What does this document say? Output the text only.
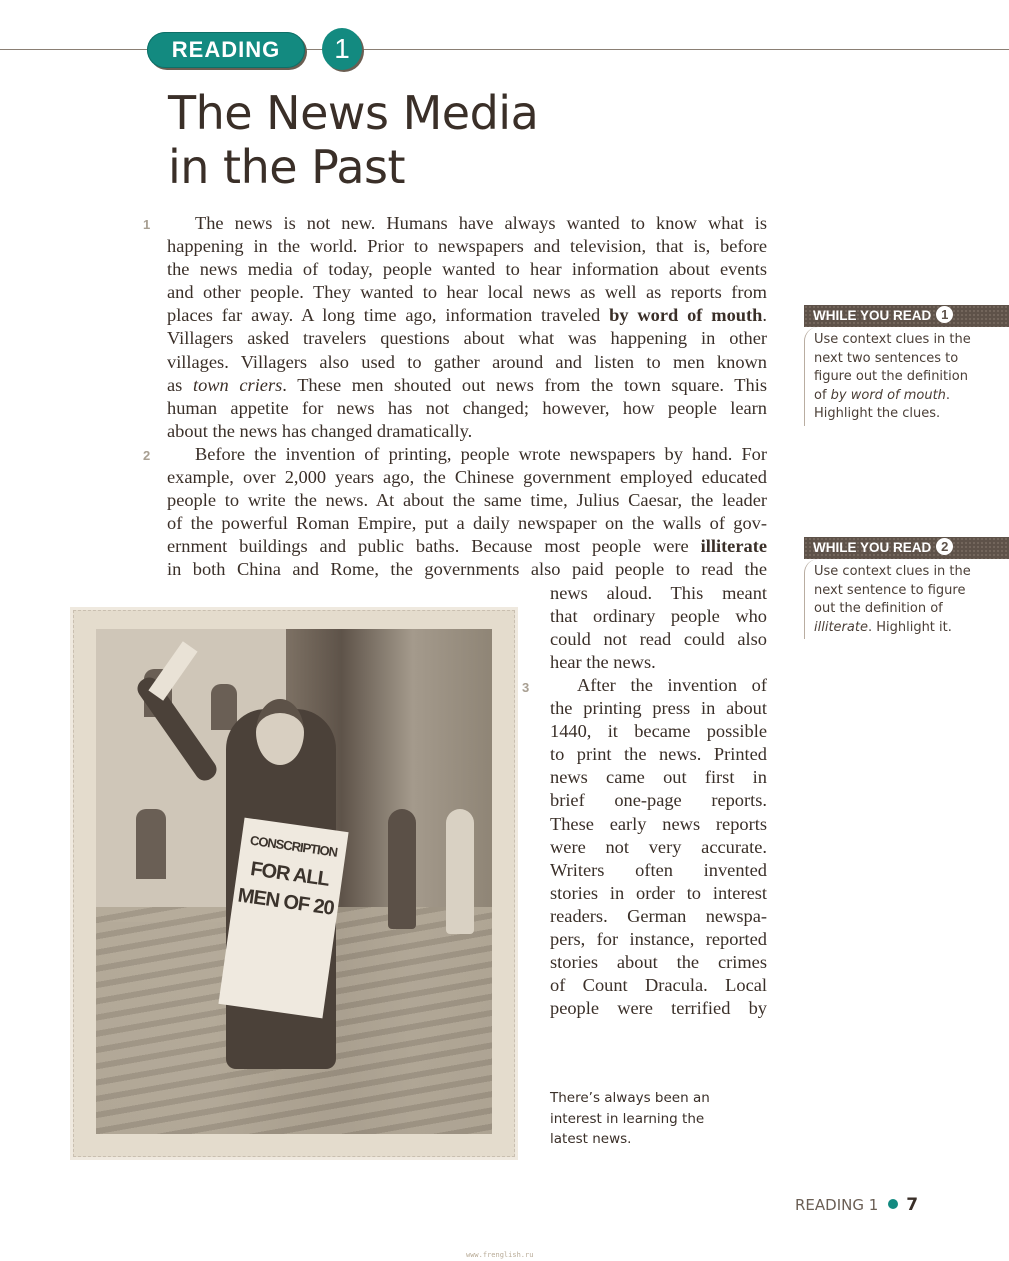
READING	1
The News Media
in the Past
1	The news is not new. Humans have always wanted to know what is
happening in the world. Prior to newspapers and television, that is, before
the news media of today, people wanted to hear information about events
and other people. They wanted to hear local news as well as reports from
places far away. A long time ago, information traveled by word of mouth.
Villagers asked travelers questions about what was happening in other
villages. Villagers also used to gather around and listen to men known
as town criers. These men shouted out news from the town square. This
human appetite for news has not changed; however, how people learn
about the news has changed dramatically.
2	Before the invention of printing, people wrote newspapers by hand. For
example, over 2,000 years ago, the Chinese government employed educated
people to write the news. At about the same time, Julius Caesar, the leader
of the powerful Roman Empire, put a daily newspaper on the walls of gov-
ernment buildings and public baths. Because most people were illiterate
in both China and Rome, the governments also paid people to read the
news aloud. This meant
that ordinary people who
could not read could also
hear the news.
3	After the invention of
the printing press in about
1440, it became possible
to print the news. Printed
news came out first in
brief one-page reports.
These early news reports
were not very accurate.
Writers often invented
stories in order to interest
readers. German newspa-
pers, for instance, reported
stories about the crimes
of Count Dracula. Local
people were terrified by
WHILE YOU READ 1
Use context clues in the
next two sentences to
figure out the definition
of by word of mouth.
Highlight the clues.
WHILE YOU READ 2
Use context clues in the
next sentence to figure
out the definition of
illiterate. Highlight it.
CONSCRIPTION
FOR ALL
MEN OF 20
There’s always been an
interest in learning the
latest news.
READING 1 7
www.frenglish.ru
